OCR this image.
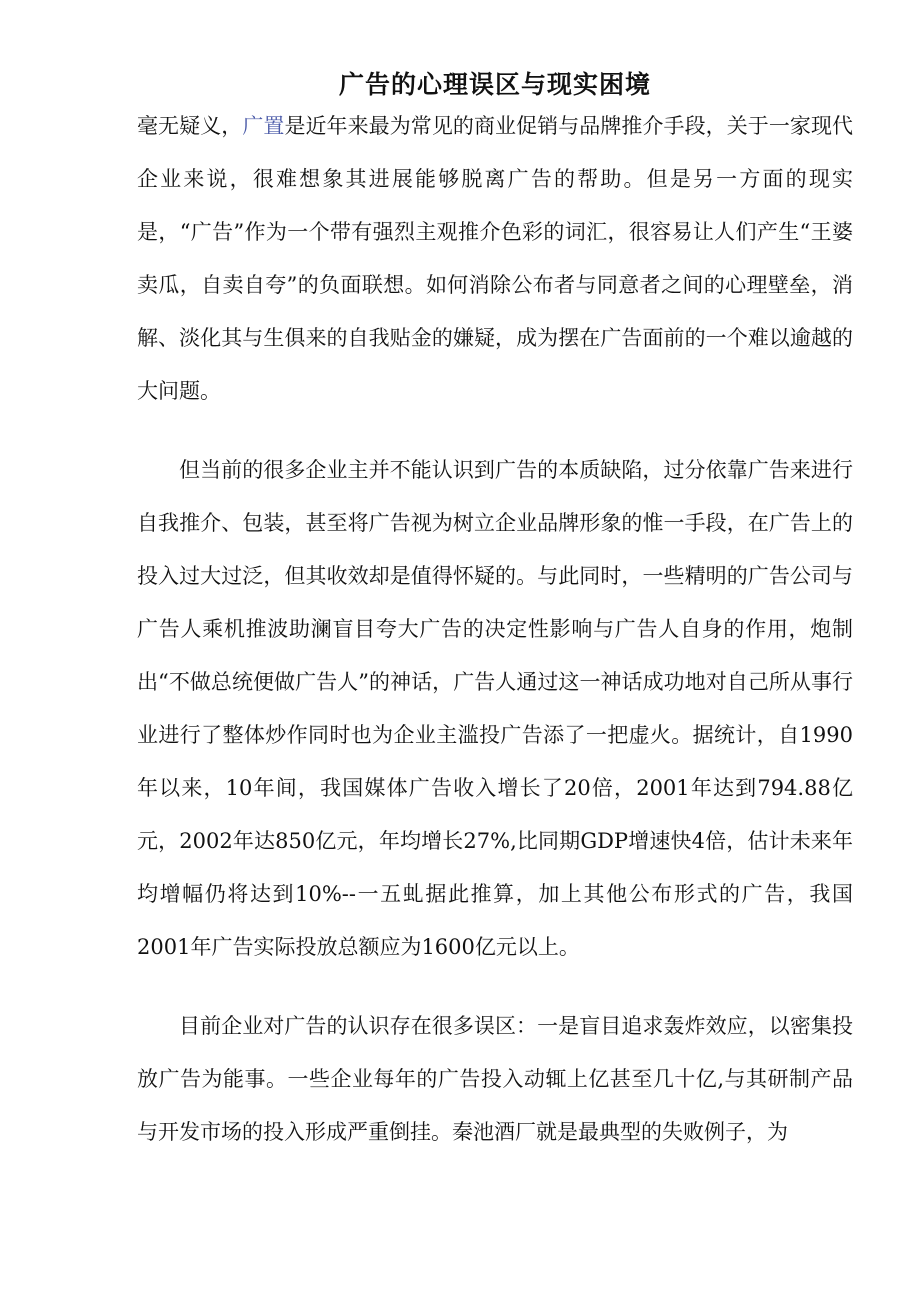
广告的心理误区与现实困境

毫无疑义，广置是近年来最为常见的商业促销与品牌推介手段，关于一家现代企业来说，很难想象其进展能够脱离广告的帮助。但是另一方面的现实是，“广告”作为一个带有强烈主观推介色彩的词汇，很容易让人们产生“王婆卖瓜，自卖自夸”的负面联想。如何消除公布者与同意者之间的心理壁垒，消解、淡化其与生俱来的自我贴金的嫌疑，成为摆在广告面前的一个难以逾越的大问题。

但当前的很多企业主并不能认识到广告的本质缺陷，过分依靠广告来进行自我推介、包装，甚至将广告视为树立企业品牌形象的惟一手段，在广告上的投入过大过泛，但其收效却是值得怀疑的。与此同时，一些精明的广告公司与广告人乘机推波助澜盲目夸大广告的决定性影响与广告人自身的作用，炮制出“不做总统便做广告人”的神话，广告人通过这一神话成功地对自己所从事行业进行了整体炒作同时也为企业主滥投广告添了一把虚火。据统计，自1990年以来，10年间，我国媒体广告收入增长了20倍，2001年达到794.88亿元，2002年达850亿元，年均增长27%,比同期GDP增速快4倍，估计未来年均增幅仍将达到10%--一五虬据此推算，加上其他公布形式的广告，我国2001年广告实际投放总额应为1600亿元以上。

目前企业对广告的认识存在很多误区：一是盲目追求轰炸效应，以密集投放广告为能事。一些企业每年的广告投入动辄上亿甚至几十亿,与其研制产品与开发市场的投入形成严重倒挂。秦池酒厂就是最典型的失败例子，为
